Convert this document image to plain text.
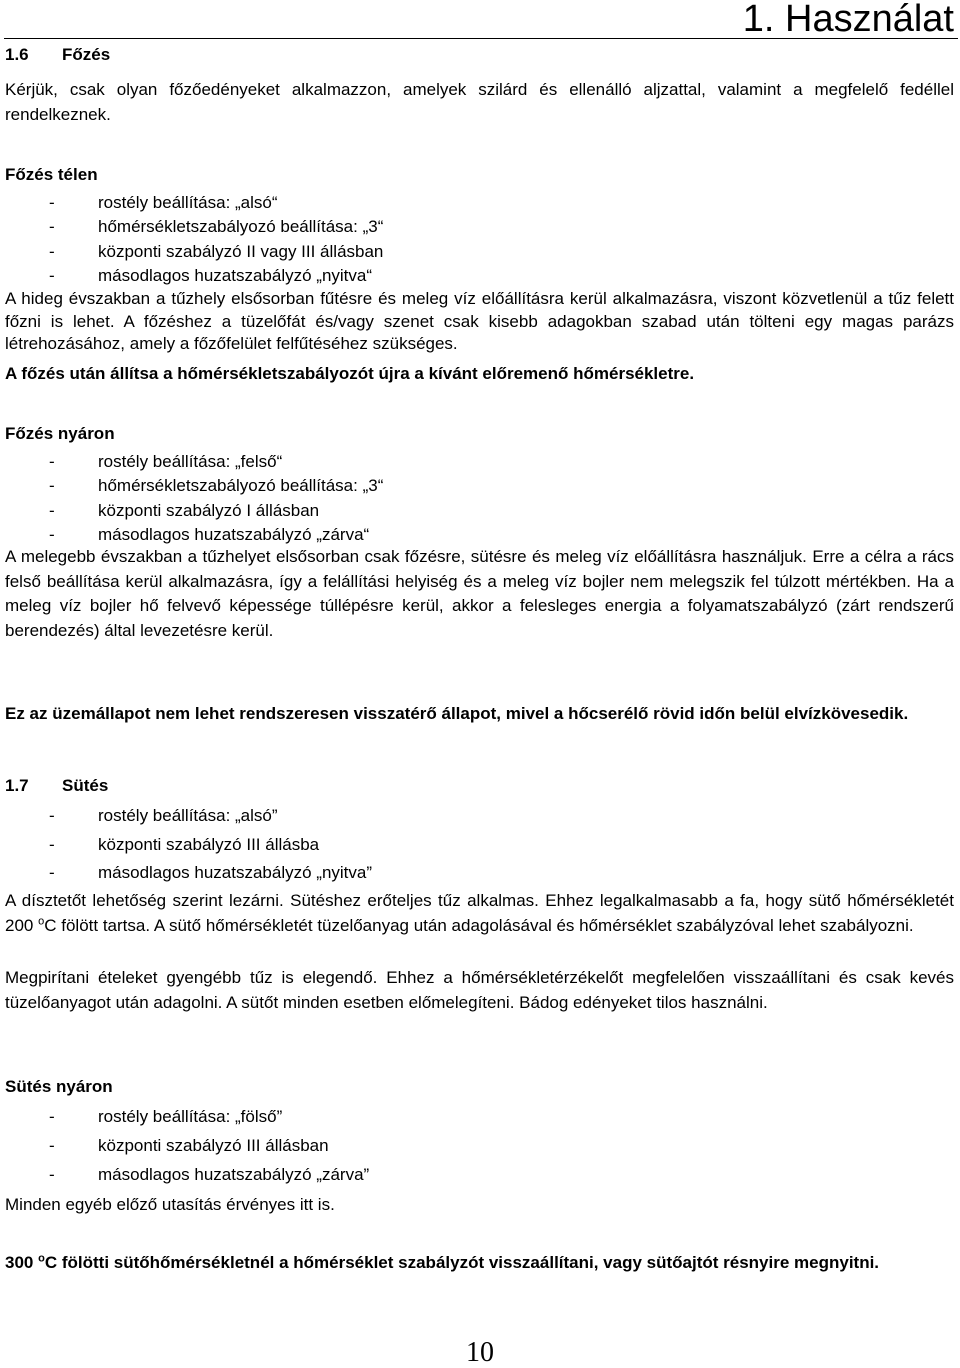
1. Használat
1.6 Főzés

Kérjük, csak olyan főzőedényeket alkalmazzon, amelyek szilárd és ellenálló aljzattal, valamint a megfelelő fedéllel rendelkeznek.

Főzés télen
-	rostély beállítása: „alsó“
-	hőmérsékletszabályozó beállítása: „3“
-	központi szabályzó II vagy III állásban
-	másodlagos huzatszabályzó „nyitva“

A hideg évszakban a tűzhely elsősorban fűtésre és meleg víz előállításra kerül alkalmazásra, viszont közvetlenül a tűz felett főzni is lehet. A főzéshez a tüzelőfát és/vagy szenet csak kisebb adagokban szabad után tölteni egy magas parázs létrehozásához, amely a főzőfelület felfűtéséhez szükséges.

A főzés után állítsa a hőmérsékletszabályozót újra a kívánt előremenő hőmérsékletre.

Főzés nyáron
-	rostély beállítása: „felső“
-	hőmérsékletszabályozó beállítása: „3“
-	központi szabályzó I állásban
-	másodlagos huzatszabályzó „zárva“

A melegebb évszakban a tűzhelyet elsősorban csak főzésre, sütésre és meleg víz előállításra használjuk. Erre a célra a rács felső beállítása kerül alkalmazásra, így a felállítási helyiség és a meleg víz bojler nem melegszik fel túlzott mértékben. Ha a meleg víz bojler hő felvevő képessége túllépésre kerül, akkor a felesleges energia a folyamatszabályzó (zárt rendszerű berendezés) által levezetésre kerül.

Ez az üzemállapot nem lehet rendszeresen visszatérő állapot, mivel a hőcserélő rövid időn belül elvízkövesedik.

1.7 Sütés
-	rostély beállítása: „alsó”
-	központi szabályzó III állásba
-	másodlagos huzatszabályzó „nyitva”

A dísztetőt lehetőség szerint lezárni. Sütéshez erőteljes tűz alkalmas. Ehhez legalkalmasabb a fa, hogy sütő hőmérsékletét 200 $^o$C fölött tartsa. A sütő hőmérsékletét tüzelőanyag után adagolásával és hőmérséklet szabályzóval lehet szabályozni.

Megpirítani ételeket gyengébb tűz is elegendő. Ehhez a hőmérsékletérzékelőt megfelelően visszaállítani és csak kevés tüzelőanyagot után adagolni. A sütőt minden esetben előmelegíteni. Bádog edényeket tilos használni.

Sütés nyáron
-	rostély beállítása: „fölső”
-	központi szabályzó III állásban
-	másodlagos huzatszabályzó „zárva”

Minden egyéb előző utasítás érvényes itt is.

300 $^o$C fölötti sütőhőmérsékletnél a hőmérséklet szabályzót visszaállítani, vagy sütőajtót résnyire megnyitni.

10
